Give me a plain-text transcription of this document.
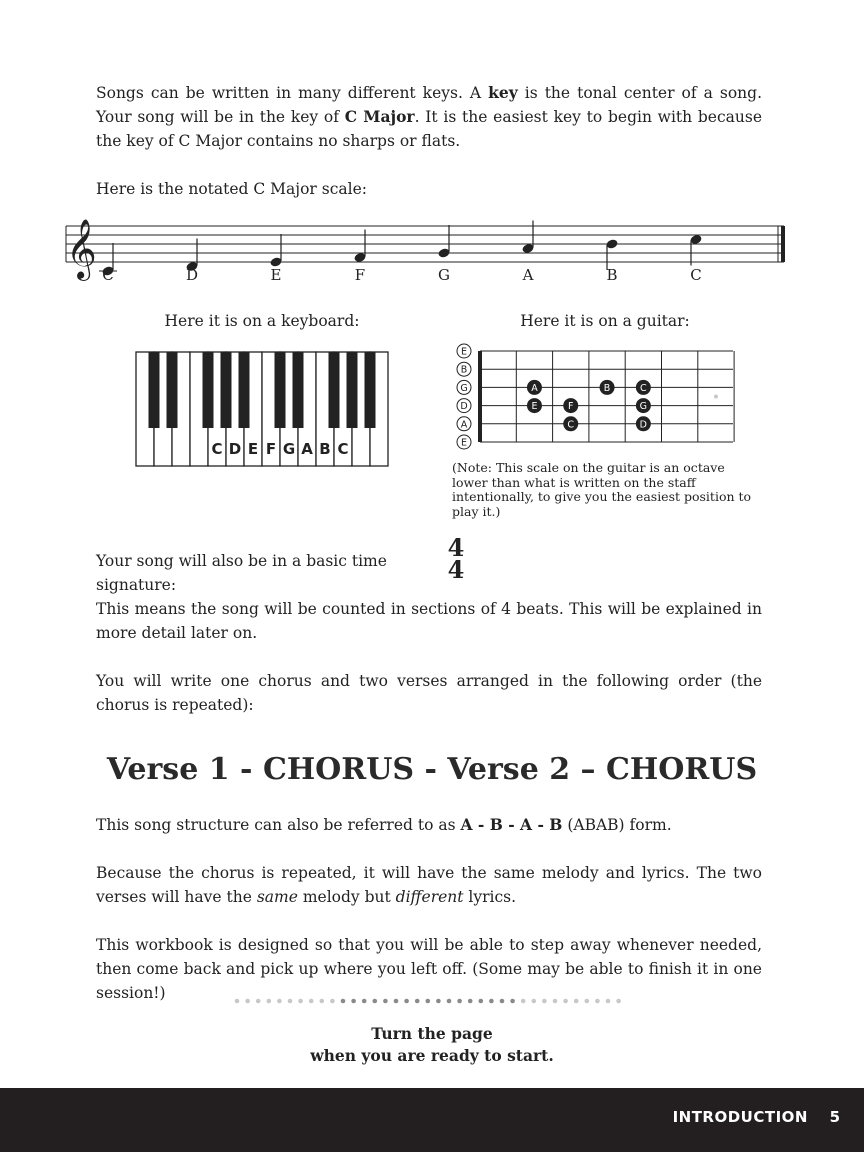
Songs can be written in many different keys. A key is the tonal center of a song. Your song will be in the key of C Major. It is the easiest key to begin with because the key of C Major contains no sharps or flats.

Here is the notated C Major scale:

𝄞 C	D	E	F	G	A	B	C
Here it is on a keyboard:
C D E F G A B C
Here it is on a guitar:
E
B
G
D
A
E
A	B	C
E	F	G
C	D

(Note: This scale on the guitar is an octave lower than what is written on the staff intentionally, to give you the easiest position to play it.)

Your song will also be in a basic time signature:

4
4

This means the song will be counted in sections of 4 beats. This will be explained in more detail later on.

You will write one chorus and two verses arranged in the following order (the chorus is repeated):

Verse 1 - CHORUS - Verse 2 – CHORUS

This song structure can also be referred to as A - B - A - B (ABAB) form.

Because the chorus is repeated, it will have the same melody and lyrics. The two verses will have the same melody but different lyrics.

This workbook is designed so that you will be able to step away whenever needed, then come back and pick up where you left off. (Some may be able to finish it in one session!)

Turn the page
when you are ready to start.
INTRODUCTION 5
